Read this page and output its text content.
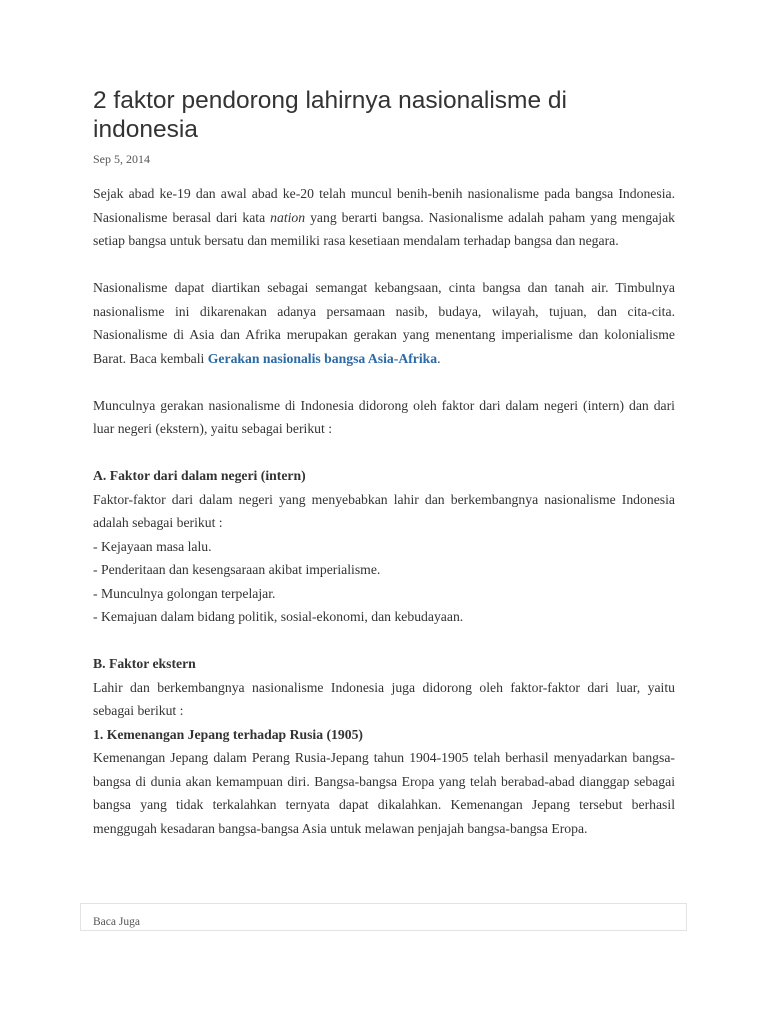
2 faktor pendorong lahirnya nasionalisme di indonesia
Sep 5, 2014

Sejak abad ke-19 dan awal abad ke-20 telah muncul benih-benih nasionalisme pada bangsa Indonesia. Nasionalisme berasal dari kata nation yang berarti bangsa. Nasionalisme adalah paham yang mengajak setiap bangsa untuk bersatu dan memiliki rasa kesetiaan mendalam terhadap bangsa dan negara.

Nasionalisme dapat diartikan sebagai semangat kebangsaan, cinta bangsa dan tanah air. Timbulnya nasionalisme ini dikarenakan adanya persamaan nasib, budaya, wilayah, tujuan, dan cita-cita. Nasionalisme di Asia dan Afrika merupakan gerakan yang menentang imperialisme dan kolonialisme Barat. Baca kembali Gerakan nasionalis bangsa Asia-Afrika.

Munculnya gerakan nasionalisme di Indonesia didorong oleh faktor dari dalam negeri (intern) dan dari luar negeri (ekstern), yaitu sebagai berikut :

A. Faktor dari dalam negeri (intern)

Faktor-faktor dari dalam negeri yang menyebabkan lahir dan berkembangnya nasionalisme Indonesia adalah sebagai berikut :

- Kejayaan masa lalu.
- Penderitaan dan kesengsaraan akibat imperialisme.
- Munculnya golongan terpelajar.
- Kemajuan dalam bidang politik, sosial-ekonomi, dan kebudayaan.
B. Faktor ekstern

Lahir dan berkembangnya nasionalisme Indonesia juga didorong oleh faktor-faktor dari luar, yaitu sebagai berikut :

1. Kemenangan Jepang terhadap Rusia (1905)

Kemenangan Jepang dalam Perang Rusia-Jepang tahun 1904-1905 telah berhasil menyadarkan bangsa-bangsa di dunia akan kemampuan diri. Bangsa-bangsa Eropa yang telah berabad-abad dianggap sebagai bangsa yang tidak terkalahkan ternyata dapat dikalahkan. Kemenangan Jepang tersebut berhasil menggugah kesadaran bangsa-bangsa Asia untuk melawan penjajah bangsa-bangsa Eropa.

Baca Juga
